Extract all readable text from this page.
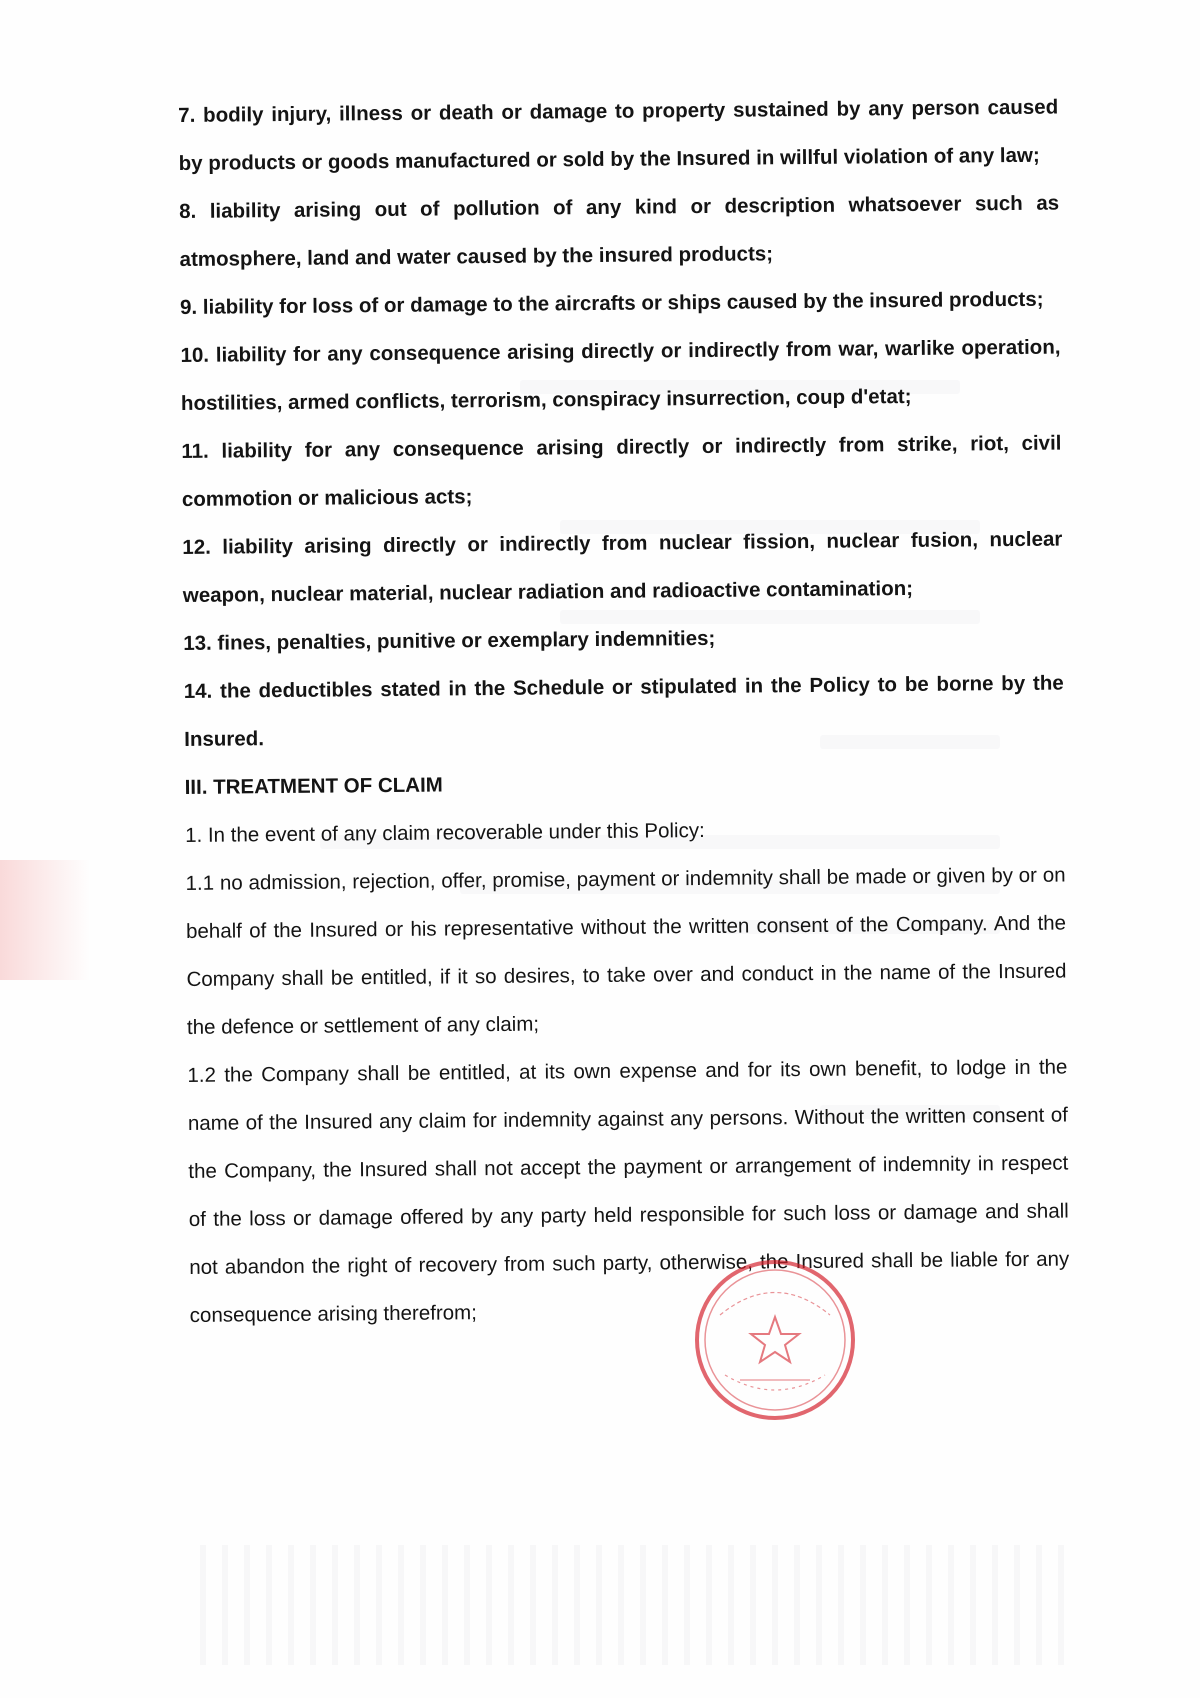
7. bodily injury, illness or death or damage to property sustained by any person caused by products or goods manufactured or sold by the Insured in willful violation of any law;

8. liability arising out of pollution of any kind or description whatsoever such as atmosphere, land and water caused by the insured products;

9. liability for loss of or damage to the aircrafts or ships caused by the insured products;

10. liability for any consequence arising directly or indirectly from war, warlike operation, hostilities, armed conflicts, terrorism, conspiracy insurrection, coup d'etat;

11. liability for any consequence arising directly or indirectly from strike, riot, civil commotion or malicious acts;

12. liability arising directly or indirectly from nuclear fission, nuclear fusion, nuclear weapon, nuclear material, nuclear radiation and radioactive contamination;

13. fines, penalties, punitive or exemplary indemnities;

14. the deductibles stated in the Schedule or stipulated in the Policy to be borne by the Insured.

III. TREATMENT OF CLAIM

1. In the event of any claim recoverable under this Policy:

1.1 no admission, rejection, offer, promise, payment or indemnity shall be made or given by or on behalf of the Insured or his representative without the written consent of the Company. And the Company shall be entitled, if it so desires, to take over and conduct in the name of the Insured the defence or settlement of any claim;

1.2 the Company shall be entitled, at its own expense and for its own benefit, to lodge in the name of the Insured any claim for indemnity against any persons. Without the written consent of the Company, the Insured shall not accept the payment or arrangement of indemnity in respect of the loss or damage offered by any party held responsible for such loss or damage and shall not abandon the right of recovery from such party, otherwise, the Insured shall be liable for any consequence arising therefrom;
